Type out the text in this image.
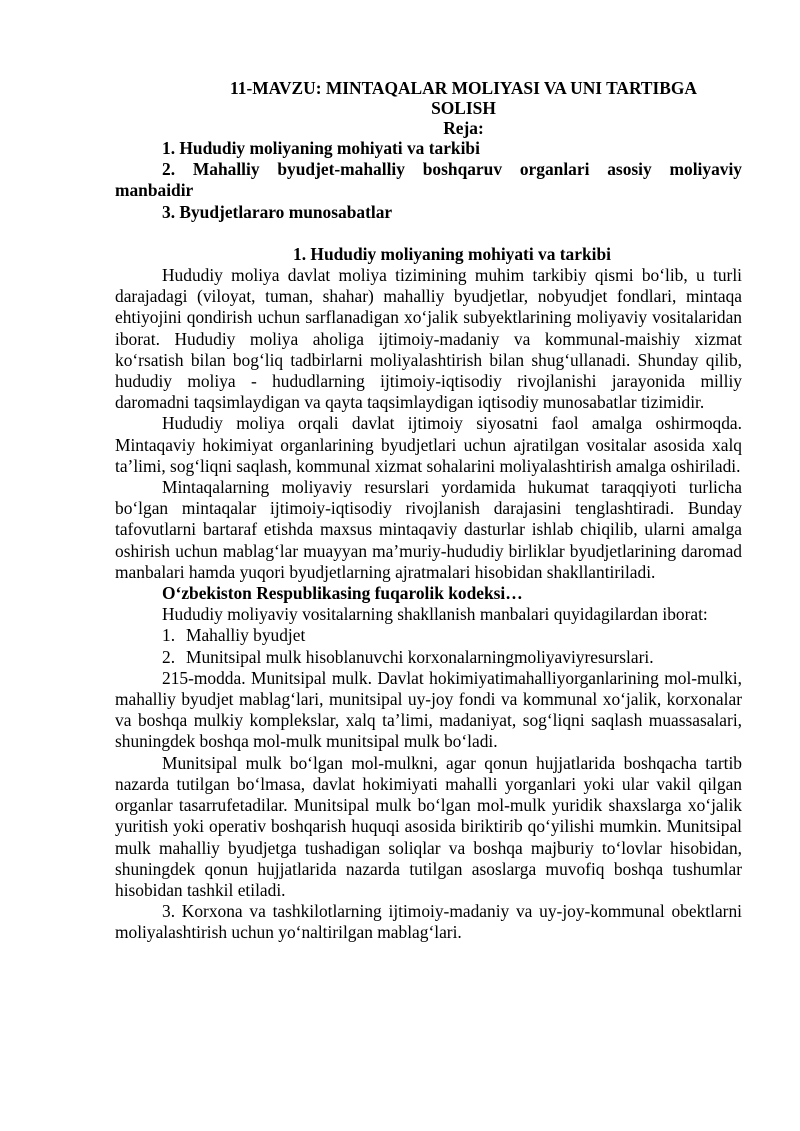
11-MAVZU: MINTAQALAR MOLIYASI VA UNI TARTIBGA

SOLISH

Reja:

1. Hududiy moliyaning mohiyati va tarkibi

2. Mahalliy byudjet-mahalliy boshqaruv organlari asosiy moliyaviy manbaidir

3. Byudjetlararo munosabatlar

1. Hududiy moliyaning mohiyati va tarkibi

Hududiy moliya davlat moliya tizimining muhim tarkibiy qismi bo‘lib, u turli darajadagi (viloyat, tuman, shahar) mahalliy byudjetlar, nobyudjet fondlari, mintaqa ehtiyojini qondirish uchun sarflanadigan xo‘jalik subyektlarining moliyaviy vositalaridan iborat. Hududiy moliya aholiga ijtimoiy-madaniy va kommunal-maishiy xizmat ko‘rsatish bilan bog‘liq tadbirlarni moliyalashtirish bilan shug‘ullanadi. Shunday qilib, hududiy moliya - hududlarning ijtimoiy-iqtisodiy rivojlanishi jarayonida milliy daromadni taqsimlaydigan va qayta taqsimlaydigan iqtisodiy munosabatlar tizimidir.

Hududiy moliya orqali davlat ijtimoiy siyosatni faol amalga oshirmoqda. Mintaqaviy hokimiyat organlarining byudjetlari uchun ajratilgan vositalar asosida xalq ta’limi, sog‘liqni saqlash, kommunal xizmat sohalarini moliyalashtirish amalga oshiriladi.

Mintaqalarning moliyaviy resurslari yordamida hukumat taraqqiyoti turlicha bo‘lgan mintaqalar ijtimoiy-iqtisodiy rivojlanish darajasini tenglashtiradi. Bunday tafovutlarni bartaraf etishda maxsus mintaqaviy dasturlar ishlab chiqilib, ularni amalga oshirish uchun mablag‘lar muayyan ma’muriy-hududiy birliklar byudjetlarining daromad manbalari hamda yuqori byudjetlarning ajratmalari hisobidan shakllantiriladi.

O‘zbekiston Respublikasing fuqarolik kodeksi…

Hududiy moliyaviy vositalarning shakllanish manbalari quyidagilardan iborat:

1. Mahalliy byudjet

2. Munitsipal mulk hisoblanuvchi korxonalarningmoliyaviyresurslari.

215-modda. Munitsipal mulk. Davlat hokimiyatimahalliyorganlarining mol-mulki, mahalliy byudjet mablag‘lari, munitsipal uy-joy fondi va kommunal xo‘jalik, korxonalar va boshqa mulkiy komplekslar, xalq ta’limi, madaniyat, sog‘liqni saqlash muassasalari, shuningdek boshqa mol-mulk munitsipal mulk bo‘ladi.

Munitsipal mulk bo‘lgan mol-mulkni, agar qonun hujjatlarida boshqacha tartib nazarda tutilgan bo‘lmasa, davlat hokimiyati mahalli yorganlari yoki ular vakil qilgan organlar tasarrufetadilar. Munitsipal mulk bo‘lgan mol-mulk yuridik shaxslarga xo‘jalik yuritish yoki operativ boshqarish huquqi asosida biriktirib qo‘yilishi mumkin. Munitsipal mulk mahalliy byudjetga tushadigan soliqlar va boshqa majburiy to‘lovlar hisobidan, shuningdek qonun hujjatlarida nazarda tutilgan asoslarga muvofiq boshqa tushumlar hisobidan tashkil etiladi.

3. Korxona va tashkilotlarning ijtimoiy-madaniy va uy-joy-kommunal obektlarni moliyalashtirish uchun yo‘naltirilgan mablag‘lari.
